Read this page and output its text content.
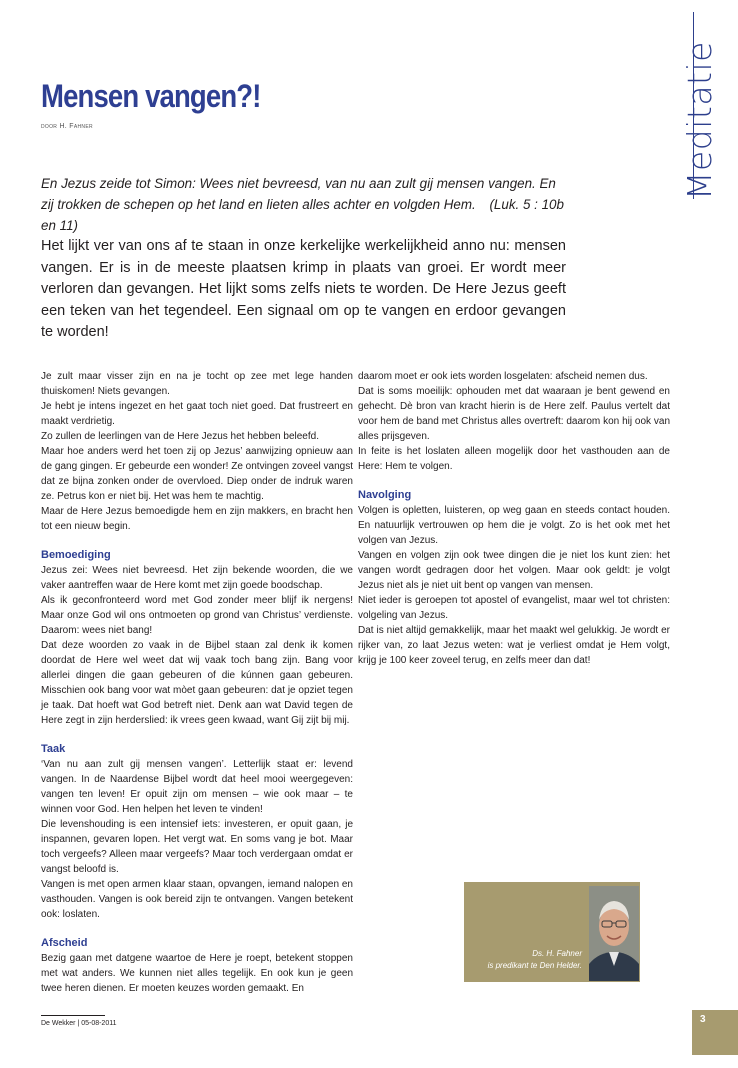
Meditatie
Mensen vangen?!
door H. Fahner
En Jezus zeide tot Simon: Wees niet bevreesd, van nu aan zult gij mensen vangen. En zij trokken de schepen op het land en lieten alles achter en volgden Hem. (Luk. 5 : 10b en 11)
Het lijkt ver van ons af te staan in onze kerkelijke werkelijkheid anno nu: mensen vangen. Er is in de meeste plaatsen krimp in plaats van groei. Er wordt meer verloren dan gevangen. Het lijkt soms zelfs niets te worden. De Here Jezus geeft een teken van het tegendeel. Een signaal om op te vangen en erdoor gevangen te worden!

Je zult maar visser zijn en na je tocht op zee met lege handen thuiskomen! Niets gevangen.

Je hebt je intens ingezet en het gaat toch niet goed. Dat frustreert en maakt verdrietig.

Zo zullen de leerlingen van de Here Jezus het hebben beleefd.

Maar hoe anders werd het toen zij op Jezus’ aanwijzing opnieuw aan de gang gingen. Er gebeurde een wonder! Ze ontvingen zoveel vangst dat ze bijna zonken onder de overvloed. Diep onder de indruk waren ze. Petrus kon er niet bij. Het was hem te machtig.

Maar de Here Jezus bemoedigde hem en zijn makkers, en bracht hen tot een nieuw begin.

Bemoediging

Jezus zei: Wees niet bevreesd. Het zijn bekende woorden, die we vaker aantreffen waar de Here komt met zijn goede boodschap.

Als ik geconfronteerd word met God zonder meer blijf ik nergens! Maar onze God wil ons ontmoeten op grond van Christus’ verdienste. Daarom: wees niet bang!

Dat deze woorden zo vaak in de Bijbel staan zal denk ik komen doordat de Here wel weet dat wij vaak toch bang zijn. Bang voor allerlei dingen die gaan gebeuren of die kúnnen gaan gebeuren. Misschien ook bang voor wat mòet gaan gebeuren: dat je opziet tegen je taak. Dat hoeft wat God betreft niet. Denk aan wat David tegen de Here zegt in zijn herderslied: ik vrees geen kwaad, want Gij zijt bij mij.

Taak

‘Van nu aan zult gij mensen vangen’. Letterlijk staat er: levend vangen. In de Naardense Bijbel wordt dat heel mooi weergegeven: vangen ten leven! Er opuit zijn om mensen – wie ook maar – te winnen voor God. Hen helpen het leven te vinden!

Die levenshouding is een intensief iets: investeren, er opuit gaan, je inspannen, gevaren lopen. Het vergt wat. En soms vang je bot. Maar toch vergeefs? Alleen maar vergeefs? Maar toch verdergaan omdat er vangst beloofd is.

Vangen is met open armen klaar staan, opvangen, iemand nalopen en vasthouden. Vangen is ook bereid zijn te ontvangen. Vangen betekent ook: loslaten.

Afscheid

Bezig gaan met datgene waartoe de Here je roept, betekent stoppen met wat anders. We kunnen niet alles tegelijk. En ook kun je geen twee heren dienen. Er moeten keuzes worden gemaakt. En

daarom moet er ook iets worden losgelaten: afscheid nemen dus.

Dat is soms moeilijk: ophouden met dat waaraan je bent gewend en gehecht. Dè bron van kracht hierin is de Here zelf. Paulus vertelt dat voor hem de band met Christus alles overtreft: daarom kon hij ook van alles prijsgeven.

In feite is het loslaten alleen mogelijk door het vasthouden aan de Here: Hem te volgen.

Navolging

Volgen is opletten, luisteren, op weg gaan en steeds contact houden. En natuurlijk vertrouwen op hem die je volgt. Zo is het ook met het volgen van Jezus.

Vangen en volgen zijn ook twee dingen die je niet los kunt zien: het vangen wordt gedragen door het volgen. Maar ook geldt: je volgt Jezus niet als je niet uit bent op vangen van mensen.

Niet ieder is geroepen tot apostel of evangelist, maar wel tot christen: volgeling van Jezus.

Dat is niet altijd gemakkelijk, maar het maakt wel gelukkig. Je wordt er rijker van, zo laat Jezus weten: wat je verliest omdat je Hem volgt, krijg je 100 keer zoveel terug, en zelfs meer dan dat!

Ds. H. Fahner
is predikant te Den Helder.
De Wekker | 05-08-2011	3
